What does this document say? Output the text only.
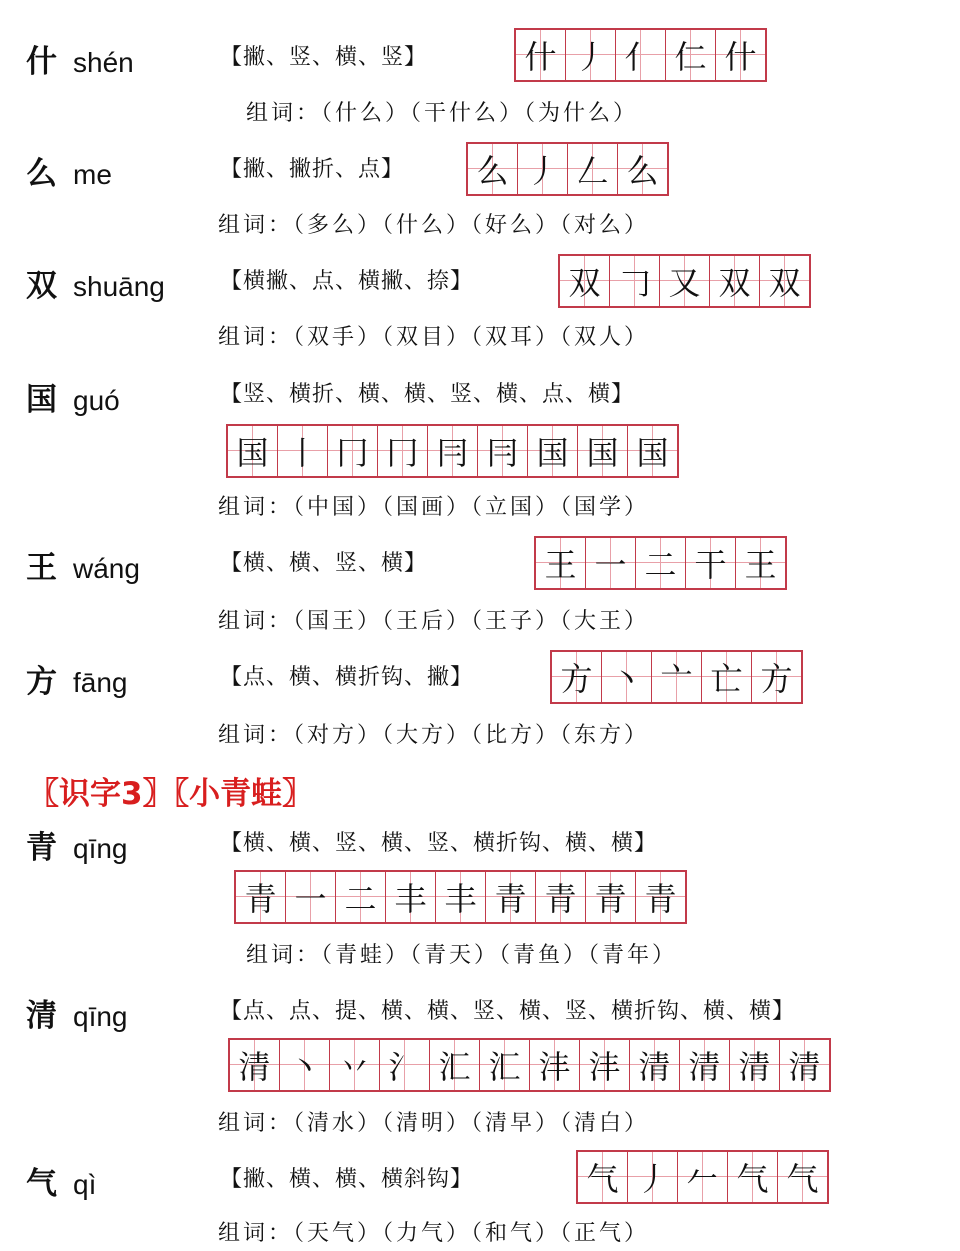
什 shén	【撇、竖、横、竖】	什 丿 亻 仁 什
组词：（什么）（干什么）（为什么）
么 me	【撇、撇折、点】 么 丿 𠃋 么
组词：（多么）（什么）（好么）（对么）
双 shuāng	【横撇、点、横撇、捺】	双 𠃌 又 双 双
组词：（双手）（双目）（双耳）（双人）
国 guó	【竖、横折、横、横、竖、横、点、横】
国 丨 冂 冂 冃 冃 国 国 国
组词：（中国）（国画）（立国）（国学）
王 wáng	【横、横、竖、横】	王 一 二 干 王
组词：（国王）（王后）（王子）（大王）
方 fāng	【点、横、横折钩、撇】	方 丶 亠 亡 方
组词：（对方）（大方）（比方）（东方）
〖识字3〗〖小青蛙〗
青 qīng	【横、横、竖、横、竖、横折钩、横、横】
青 一 二 丰 丰 青 青 青 青
组词：（青蛙）（青天）（青鱼）（青年）
清 qīng	【点、点、提、横、横、竖、横、竖、横折钩、横、横】
清 丶 丷 氵 汇 汇 沣 沣 清 清 清 清
组词：（清水）（清明）（清早）（清白）
气 qì	【撇、横、横、横斜钩】	气 丿 𠂉 气 气
组词：（天气）（力气）（和气）（正气）
